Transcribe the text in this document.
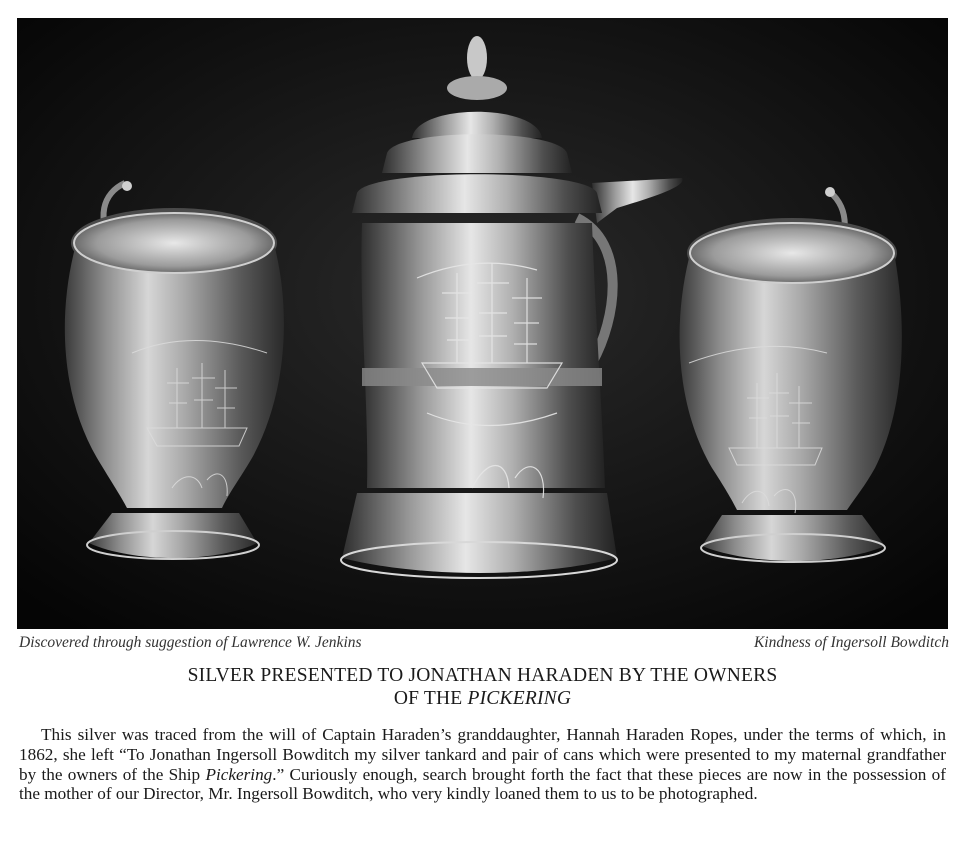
Discovered through suggestion of Lawrence W. Jenkins	Kindness of Ingersoll Bowditch
SILVER PRESENTED TO JONATHAN HARADEN BY THE OWNERS
OF THE PICKERING
This silver was traced from the will of Captain Haraden’s granddaughter, Hannah Haraden Ropes, under the terms of which, in 1862, she left “To Jonathan Ingersoll Bowditch my silver tankard and pair of cans which were presented to my maternal grandfather by the owners of the Ship Pickering.” Curiously enough, search brought forth the fact that these pieces are now in the possession of the mother of our Director, Mr. Ingersoll Bowditch, who very kindly loaned them to us to be photographed.
